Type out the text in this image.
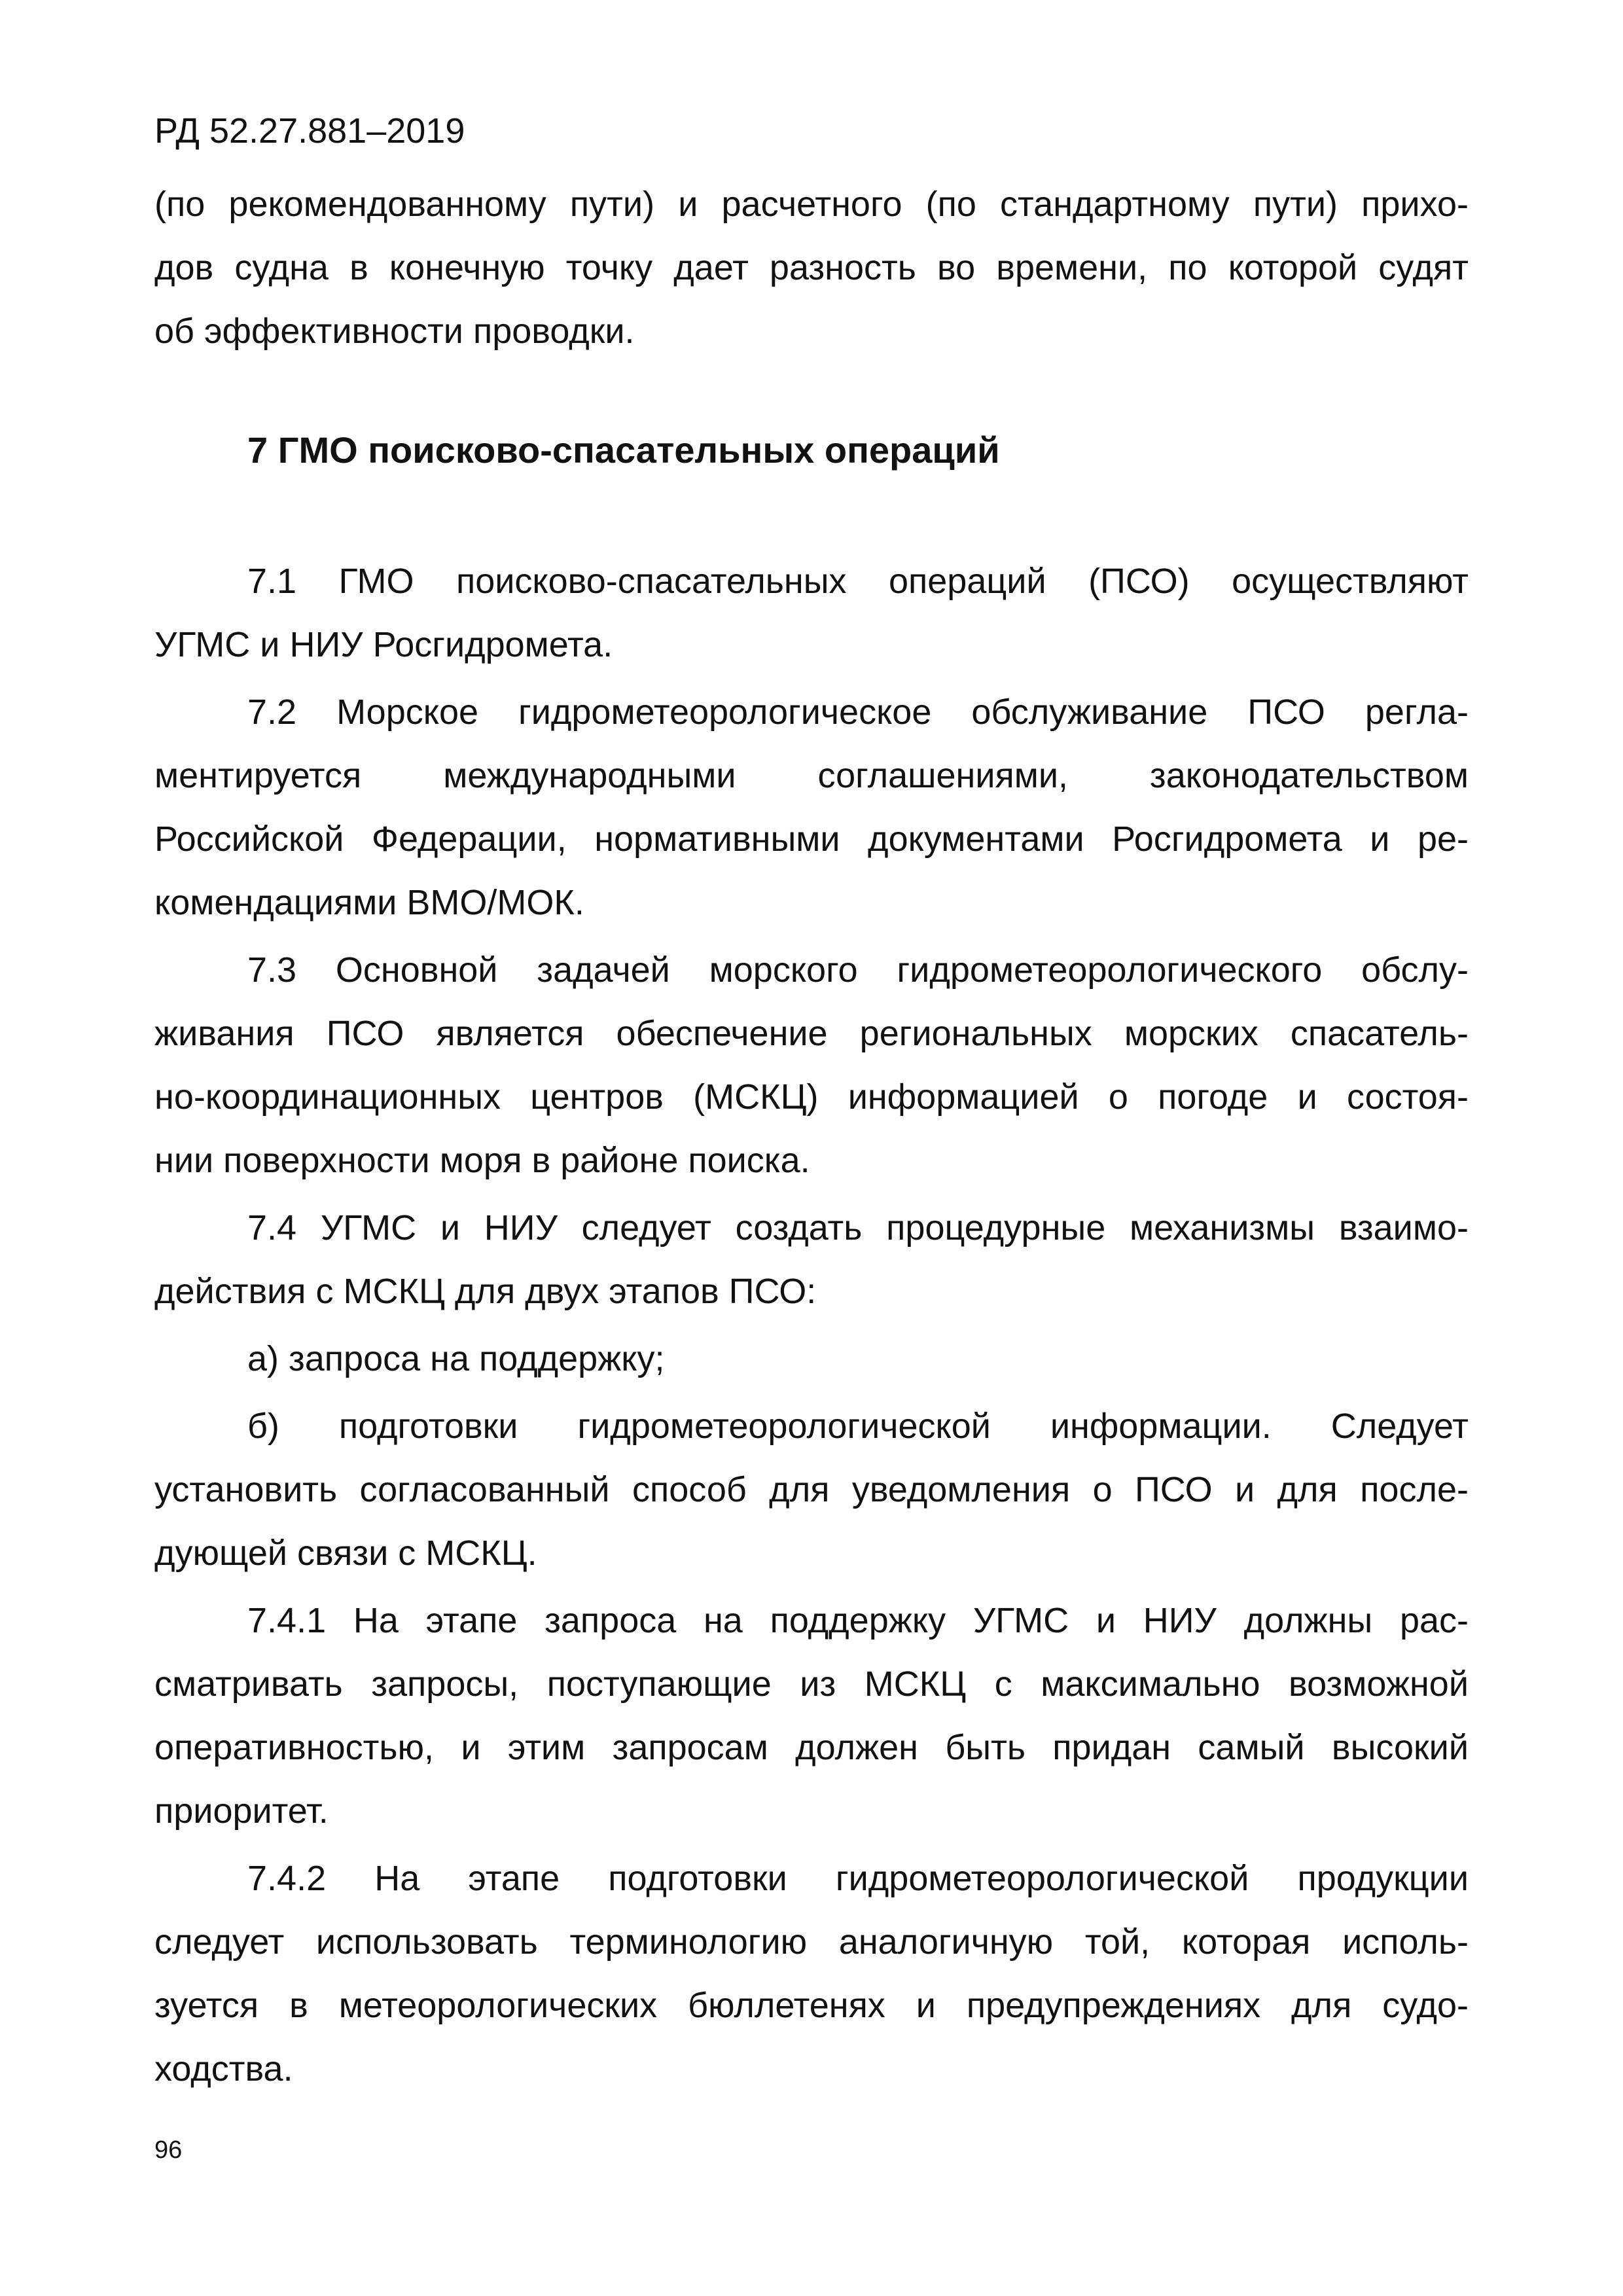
РД 52.27.881–2019
(по рекомендованному пути) и расчетного (по стандартному пути) прихо-
дов судна в конечную точку дает разность во времени, по которой судят
об эффективности проводки.
7 ГМО поисково-спасательных операций
7.1 ГМО поисково-спасательных операций (ПСО) осуществляют
УГМС и НИУ Росгидромета.
7.2 Морское гидрометеорологическое обслуживание ПСО регла-
ментируется международными соглашениями, законодательством
Российской Федерации, нормативными документами Росгидромета и ре-
комендациями ВМО/МОК.
7.3 Основной задачей морского гидрометеорологического обслу-
живания ПСО является обеспечение региональных морских спасатель-
но-координационных центров (МСКЦ) информацией о погоде и состоя-
нии поверхности моря в районе поиска.
7.4 УГМС и НИУ следует создать процедурные механизмы взаимо-
действия с МСКЦ для двух этапов ПСО:
а) запроса на поддержку;
б) подготовки гидрометеорологической информации. Следует
установить согласованный способ для уведомления о ПСО и для после-
дующей связи с МСКЦ.
7.4.1 На этапе запроса на поддержку УГМС и НИУ должны рас-
сматривать запросы, поступающие из МСКЦ с максимально возможной
оперативностью, и этим запросам должен быть придан самый высокий
приоритет.
7.4.2 На этапе подготовки гидрометеорологической продукции
следует использовать терминологию аналогичную той, которая исполь-
зуется в метеорологических бюллетенях и предупреждениях для судо-
ходства.
96
